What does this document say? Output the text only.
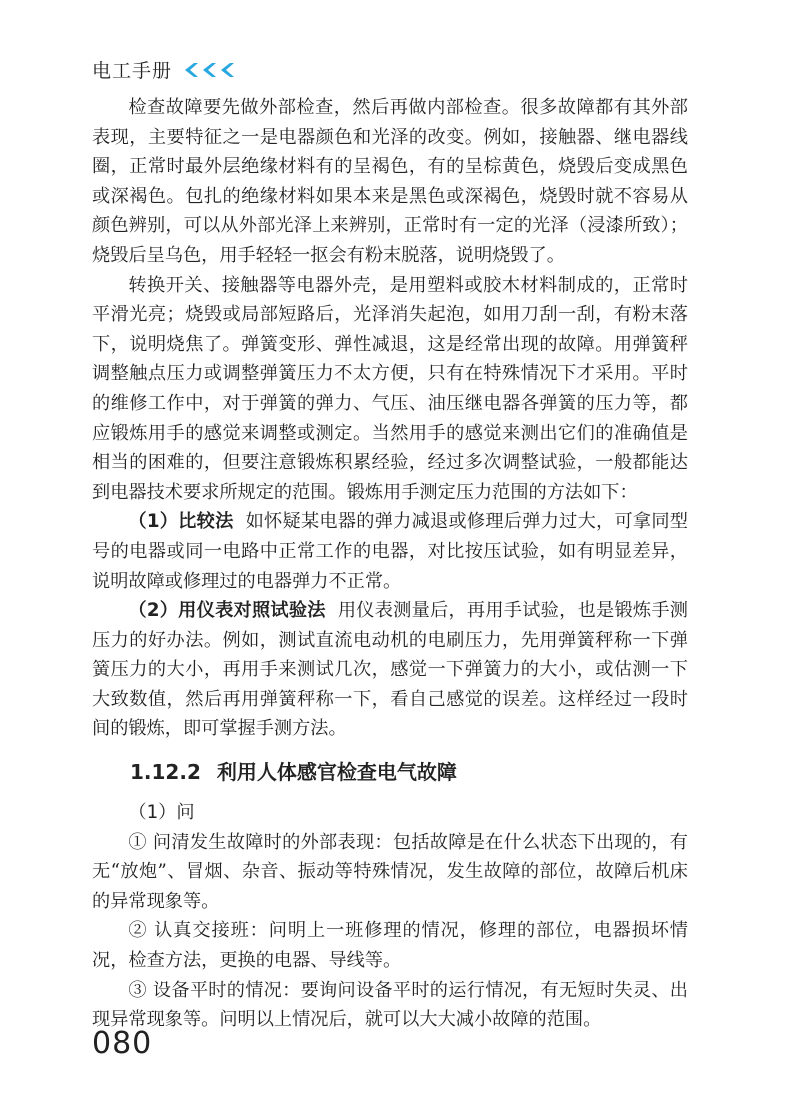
电工手册

检查故障要先做外部检查，然后再做内部检查。很多故障都有其外部表现，主要特征之一是电器颜色和光泽的改变。例如，接触器、继电器线圈，正常时最外层绝缘材料有的呈褐色，有的呈棕黄色，烧毁后变成黑色或深褐色。包扎的绝缘材料如果本来是黑色或深褐色，烧毁时就不容易从颜色辨别，可以从外部光泽上来辨别，正常时有一定的光泽（浸漆所致）；烧毁后呈乌色，用手轻轻一抠会有粉末脱落，说明烧毁了。

转换开关、接触器等电器外壳，是用塑料或胶木材料制成的，正常时平滑光亮；烧毁或局部短路后，光泽消失起泡，如用刀刮一刮，有粉末落下，说明烧焦了。弹簧变形、弹性减退，这是经常出现的故障。用弹簧秤调整触点压力或调整弹簧压力不太方便，只有在特殊情况下才采用。平时的维修工作中，对于弹簧的弹力、气压、油压继电器各弹簧的压力等，都应锻炼用手的感觉来调整或测定。当然用手的感觉来测出它们的准确值是相当的困难的，但要注意锻炼积累经验，经过多次调整试验，一般都能达到电器技术要求所规定的范围。锻炼用手测定压力范围的方法如下：

（1）比较法 如怀疑某电器的弹力减退或修理后弹力过大，可拿同型号的电器或同一电路中正常工作的电器，对比按压试验，如有明显差异，说明故障或修理过的电器弹力不正常。

（2）用仪表对照试验法 用仪表测量后，再用手试验，也是锻炼手测压力的好办法。例如，测试直流电动机的电刷压力，先用弹簧秤称一下弹簧压力的大小，再用手来测试几次，感觉一下弹簧力的大小，或估测一下大致数值，然后再用弹簧秤称一下，看自己感觉的误差。这样经过一段时间的锻炼，即可掌握手测方法。

1.12.2 利用人体感官检查电气故障

（1）问

① 问清发生故障时的外部表现：包括故障是在什么状态下出现的，有无“放炮”、冒烟、杂音、振动等特殊情况，发生故障的部位，故障后机床的异常现象等。

② 认真交接班：问明上一班修理的情况，修理的部位，电器损坏情况，检查方法，更换的电器、导线等。

③ 设备平时的情况：要询问设备平时的运行情况，有无短时失灵、出现异常现象等。问明以上情况后，就可以大大减小故障的范围。

080
